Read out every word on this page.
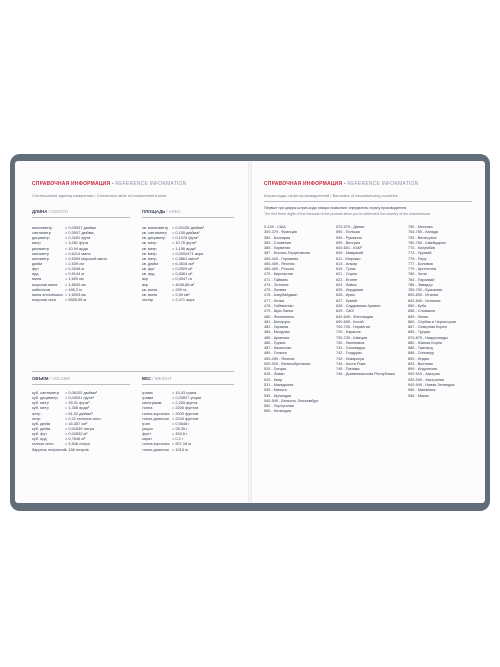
СПРАВОЧНАЯ ИНФОРМАЦИЯ • REFERENCE INFORMATION
Соотношение единиц измерения / Conversion table of measurement units
ДЛИНА / LENGTH
миллиметр	= 0,03937 дюйма
сантиметр	= 0,3937 дюйма
дециметр	= 0,3281 фута
метр	= 3,281 фута
декаметр	= 10,94 ярда
километр	= 0,6214 мили
километр	= 0,5399 морской мили
дюйм	= 2,539 см
фут	= 0,3048 м
ярд	= 0,9144 м
миля	= 1,609 км
морская миля = 1,8532 км
кабельтов	= 185,2 м
миля английская = 1,6093 км
морская лига = 5555,55 м
ПЛОЩАДЬ / AREA
кв. миллиметр = 0,00155 дюйма²
кв. сантиметр = 0,155 дюйма²
кв. дециметр = 0,1076 фута²
кв. метр	= 10,76 фута²
кв. метр	= 1,196 ярда²
кв. метр	= 0,0002471 акра
кв. метр	= 0,3861 мили²
кв. дюйм	= 6,4516 см²
кв. фут	= 0,0929 м²
кв. ярд	= 0,8361 м²
акр	= 0,4047 га
акр	= 4046,86 м²
кв. миля	= 259 га
кв. миля	= 2,59 км²
гектар	= 2,471 акра
ОБЪЕМ / VOLUME
куб. сантиметр = 0,06102 дюйма³
куб. дециметр = 0,03531 фута³
куб. метр	= 35,31 фута³
куб. метр	= 1,308 ярда³
литр	= 61,02 дюйма³
литр	= 0,22 галлона англ.
куб. дюйм	= 16,387 см³
куб. дюйм	= 0,01639 литра
куб. фут	= 0,02832 м³
куб. ярд	= 0,7646 м³
галлон англ.	= 4,546 литра
баррель нефтяной = 158 литров
ВЕС / WEIGHT
гранм	= 15,43 грана
грамм	= 0,03527 унции
килограмм	= 2,205 фунта
тонна	= 2205 фунтов
тонна короткая = 2000 фунтов
тонна длинная = 2240 фунтов
гран	= 0,0648 г
унция	= 28,35 г
фунт	= 453,6 г
карат	= 0,2 г
тонна короткая = 907,18 кг
тонна длинная = 1016 кг
СПРАВОЧНАЯ ИНФОРМАЦИЯ • REFERENCE INFORMATION
Штрих-коды стран производителей / Barcodes of manufacturing countries
Первые три цифры штрих-кода товара позволяют определить страну производителя
The first three digits of the barcode of the product allow you to determine the country of the manufacturer
0-139 - США
300-379 - Франция
380 - Болгария
383 - Словения
385 - Хорватия
387 - Босния-Герцеговина
400-440 - Германия
450-459 - Япония
460-469 - Россия
470 - Киргизстан
471 - Тайвань
474 - Эстония
475 - Латвия
476 - Азербайджан
477 - Литва
478 - Узбекистан
479 - Шри-Ланка
480 - Филиппины
481 - Беларусь
482 - Украина
484 - Молдова
485 - Армения
486 - Грузия
487 - Казахстан
489 - Гонконг
490-499 - Япония
500-509 - Великобритания
520 - Греция
528 - Ливан
529 - Кипр
531 - Македония
535 - Мальта
539 - Ирландия
540-549 - Бельгия, Люксембург
560 - Португалия
569 - Исландия
570-579 - Дания
590 - Польша
594 - Румыния
599 - Венгрия
600-601 - ЮАР
609 - Маврикий
611 - Марокко
613 - Алжир
619 - Тунис
621 - Сирия
622 - Египет
624 - Ливия
625 - Иордания
626 - Иран
627 - Кувейт
628 - Саудовская Аравия
629 - ОАЭ
640-649 - Финляндия
690-695 - Китай
700-709 - Норвегия
729 - Израиль
730-739 - Швеция
740 - Гватемала
741 - Сальвадор
742 - Гондурас
743 - Никарагуа
744 - Коста-Рика
745 - Панама
746 - Доминиканская Республика
750 - Мексика
754-755 - Канада
759 - Венесуэла
760-769 - Швейцария
770 - Колумбия
773 - Уругвай
775 - Перу
777 - Боливия
779 - Аргентина
780 - Чили
784 - Парагвай
786 - Эквадор
789-790 - Бразилия
800-839 - Италия
840-849 - Испания
850 - Куба
858 - Словакия
859 - Чехия
860 - Сербия и Черногория
867 - Северная Корея
869 - Турция
870-879 - Нидерланды
880 - Южная Корея
885 - Таиланд
888 - Сингапур
890 - Индия
893 - Вьетнам
899 - Индонезия
900-919 - Австрия
930-939 - Австралия
940-949 - Новая Зеландия
955 - Малайзия
958 - Макао
